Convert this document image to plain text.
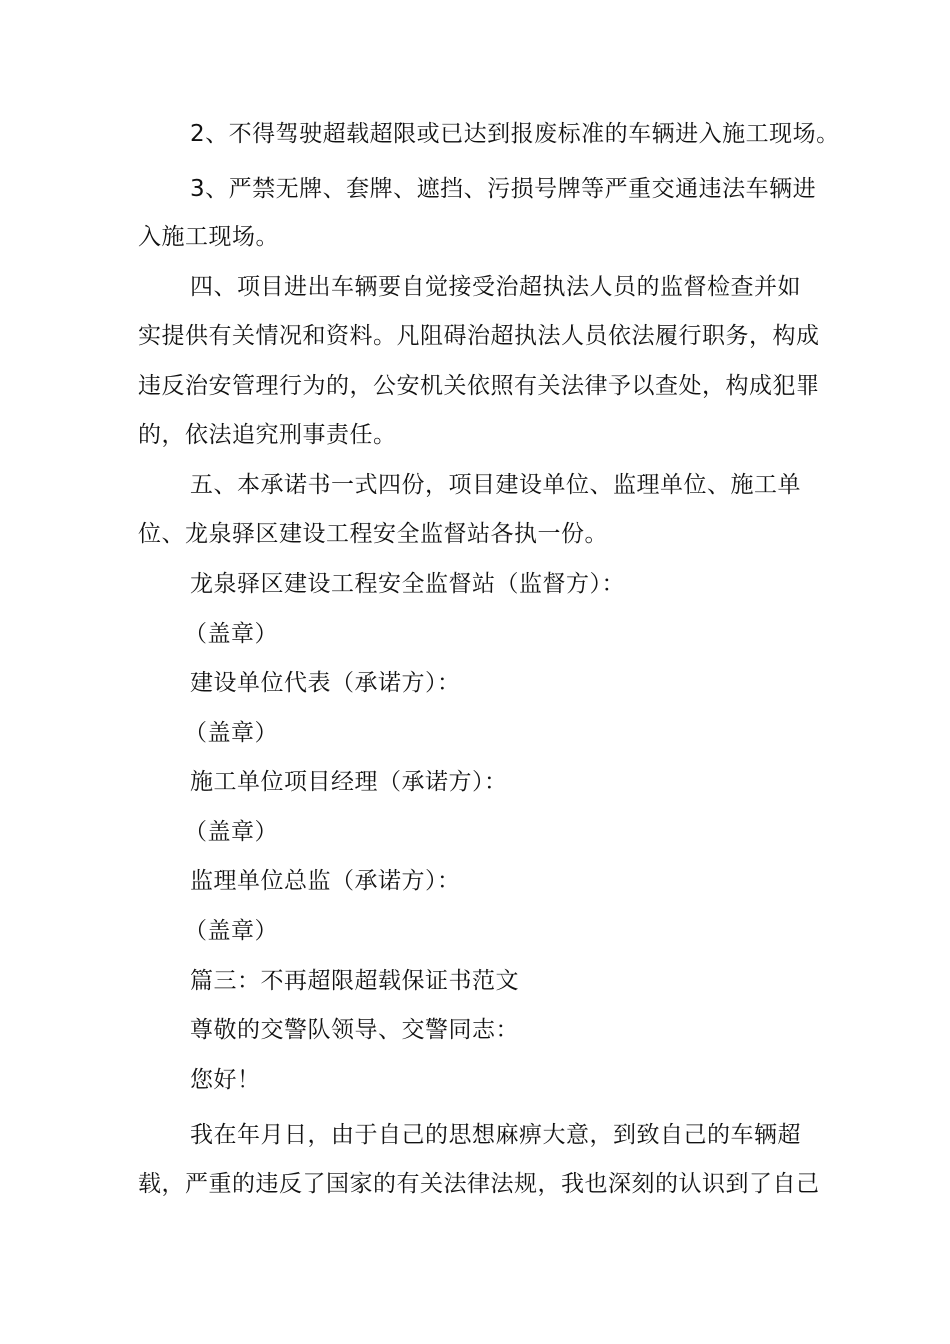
2、不得驾驶超载超限或已达到报废标准的车辆进入施工现场。
3、严禁无牌、套牌、遮挡、污损号牌等严重交通违法车辆进
入施工现场。
四、项目进出车辆要自觉接受治超执法人员的监督检查并如
实提供有关情况和资料。凡阻碍治超执法人员依法履行职务，构成
违反治安管理行为的，公安机关依照有关法律予以查处，构成犯罪
的，依法追究刑事责任。
五、本承诺书一式四份，项目建设单位、监理单位、施工单
位、龙泉驿区建设工程安全监督站各执一份。
龙泉驿区建设工程安全监督站（监督方）：
（盖章）
建设单位代表（承诺方）：
（盖章）
施工单位项目经理（承诺方）：
（盖章）
监理单位总监（承诺方）：
（盖章）
篇三：不再超限超载保证书范文
尊敬的交警队领导、交警同志：
您好！
我在年月日，由于自己的思想麻痹大意，到致自己的车辆超
载，严重的违反了国家的有关法律法规，我也深刻的认识到了自己
